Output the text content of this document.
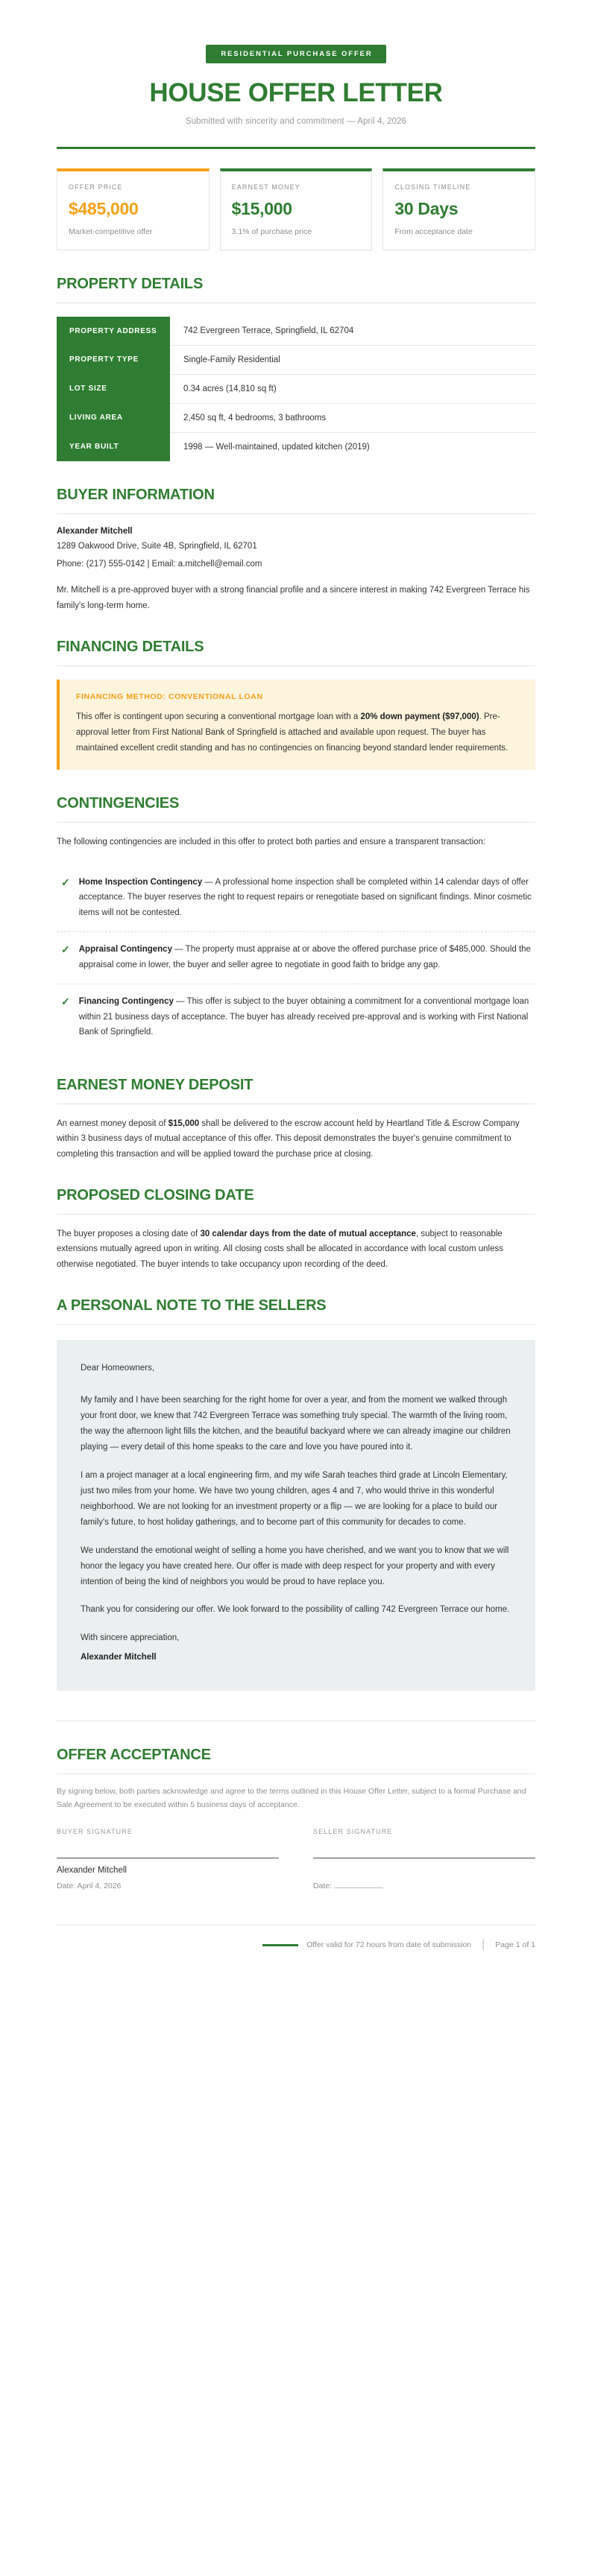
RESIDENTIAL PURCHASE OFFER
HOUSE OFFER LETTER
Submitted with sincerity and commitment — April 4, 2026
OFFER PRICE
$485,000
Market-competitive offer
EARNEST MONEY
$15,000
3.1% of purchase price
CLOSING TIMELINE
30 Days
From acceptance date
PROPERTY DETAILS
PROPERTY ADDRESS	742 Evergreen Terrace, Springfield, IL 62704
PROPERTY TYPE	Single-Family Residential
LOT SIZE	0.34 acres (14,810 sq ft)
LIVING AREA	2,450 sq ft, 4 bedrooms, 3 bathrooms
YEAR BUILT	1998 — Well-maintained, updated kitchen (2019)
BUYER INFORMATION
Alexander Mitchell
1289 Oakwood Drive, Suite 4B, Springfield, IL 62701
Phone: (217) 555-0142 | Email: a.mitchell@email.com

Mr. Mitchell is a pre-approved buyer with a strong financial profile and a sincere interest in making 742 Evergreen Terrace his family's long-term home.

FINANCING DETAILS
FINANCING METHOD: CONVENTIONAL LOAN
This offer is contingent upon securing a conventional mortgage loan with a 20% down payment ($97,000). Pre-approval letter from First National Bank of Springfield is attached and available upon request. The buyer has maintained excellent credit standing and has no contingencies on financing beyond standard lender requirements.
CONTINGENCIES

The following contingencies are included in this offer to protect both parties and ensure a transparent transaction:

✓ Home Inspection Contingency — A professional home inspection shall be completed within 14 calendar days of offer acceptance. The buyer reserves the right to request repairs or renegotiate based on significant findings. Minor cosmetic items will not be contested.
✓ Appraisal Contingency — The property must appraise at or above the offered purchase price of $485,000. Should the appraisal come in lower, the buyer and seller agree to negotiate in good faith to bridge any gap.
✓ Financing Contingency — This offer is subject to the buyer obtaining a commitment for a conventional mortgage loan within 21 business days of acceptance. The buyer has already received pre-approval and is working with First National Bank of Springfield.
EARNEST MONEY DEPOSIT

An earnest money deposit of $15,000 shall be delivered to the escrow account held by Heartland Title & Escrow Company within 3 business days of mutual acceptance of this offer. This deposit demonstrates the buyer's genuine commitment to completing this transaction and will be applied toward the purchase price at closing.

PROPOSED CLOSING DATE

The buyer proposes a closing date of 30 calendar days from the date of mutual acceptance, subject to reasonable extensions mutually agreed upon in writing. All closing costs shall be allocated in accordance with local custom unless otherwise negotiated. The buyer intends to take occupancy upon recording of the deed.

A PERSONAL NOTE TO THE SELLERS

Dear Homeowners,

My family and I have been searching for the right home for over a year, and from the moment we walked through your front door, we knew that 742 Evergreen Terrace was something truly special. The warmth of the living room, the way the afternoon light fills the kitchen, and the beautiful backyard where we can already imagine our children playing — every detail of this home speaks to the care and love you have poured into it.

I am a project manager at a local engineering firm, and my wife Sarah teaches third grade at Lincoln Elementary, just two miles from your home. We have two young children, ages 4 and 7, who would thrive in this wonderful neighborhood. We are not looking for an investment property or a flip — we are looking for a place to build our family's future, to host holiday gatherings, and to become part of this community for decades to come.

We understand the emotional weight of selling a home you have cherished, and we want you to know that we will honor the legacy you have created here. Our offer is made with deep respect for your property and with every intention of being the kind of neighbors you would be proud to have replace you.

Thank you for considering our offer. We look forward to the possibility of calling 742 Evergreen Terrace our home.

With sincere appreciation,

Alexander Mitchell

OFFER ACCEPTANCE

By signing below, both parties acknowledge and agree to the terms outlined in this House Offer Letter, subject to a formal Purchase and Sale Agreement to be executed within 5 business days of acceptance.

BUYER SIGNATURE
Alexander Mitchell
Date: April 4, 2026
SELLER SIGNATURE
Date:
Offer valid for 72 hours from date of submission | Page 1 of 1
